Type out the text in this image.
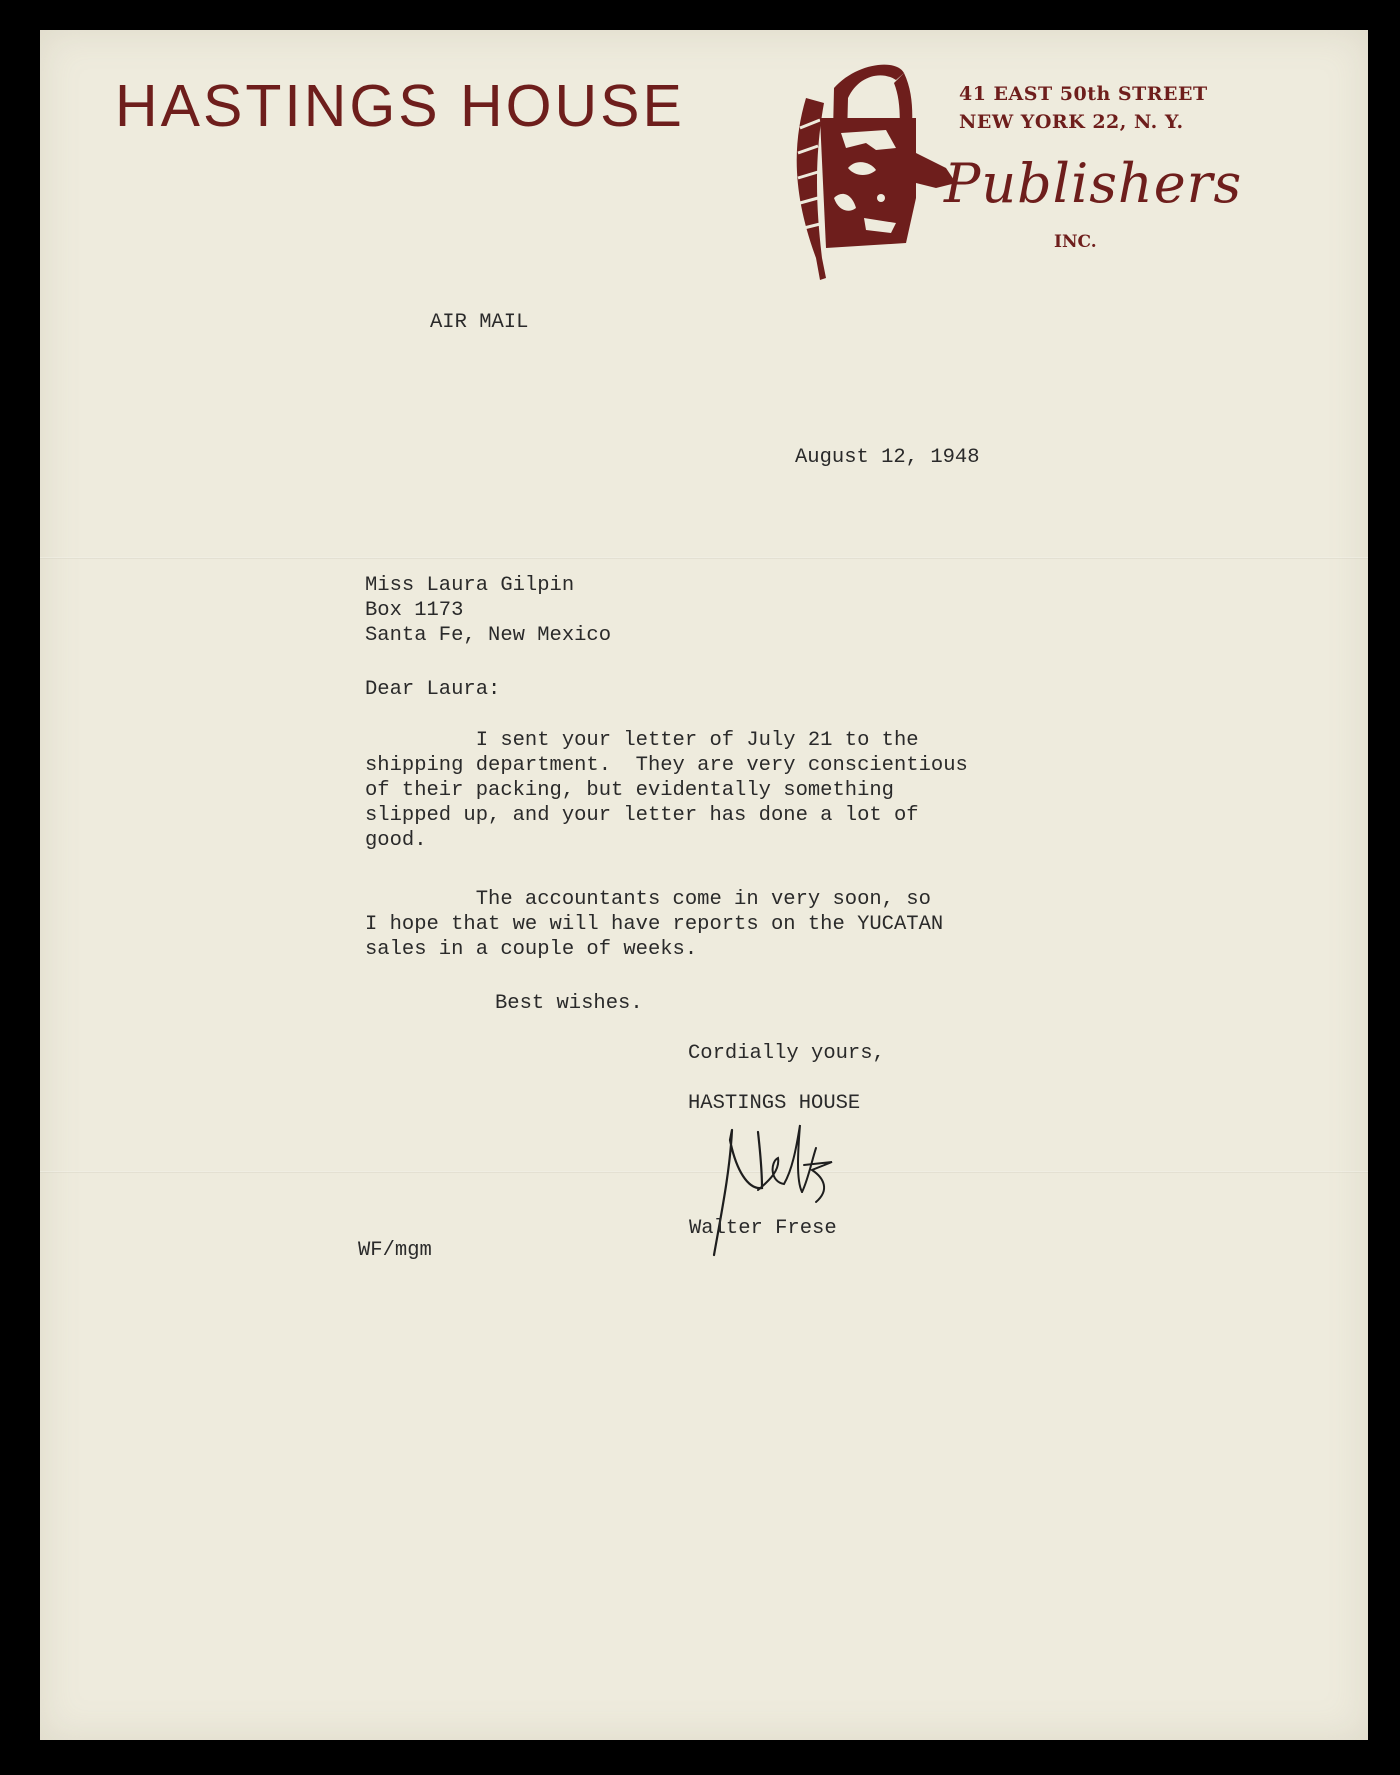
HASTINGS HOUSE	41 EAST 50th STREET
NEW YORK 22, N. Y.
Publishers
INC.
AIR MAIL
August 12, 1948
Miss Laura Gilpin
Box 1173
Santa Fe, New Mexico
Dear Laura:
I sent your letter of July 21 to the
shipping department.  They are very conscientious
of their packing, but evidentally something
slipped up, and your letter has done a lot of
good.
The accountants come in very soon, so
I hope that we will have reports on the YUCATAN
sales in a couple of weeks.
Best wishes.
Cordially yours,
HASTINGS HOUSE
Walter Frese
WF/mgm
